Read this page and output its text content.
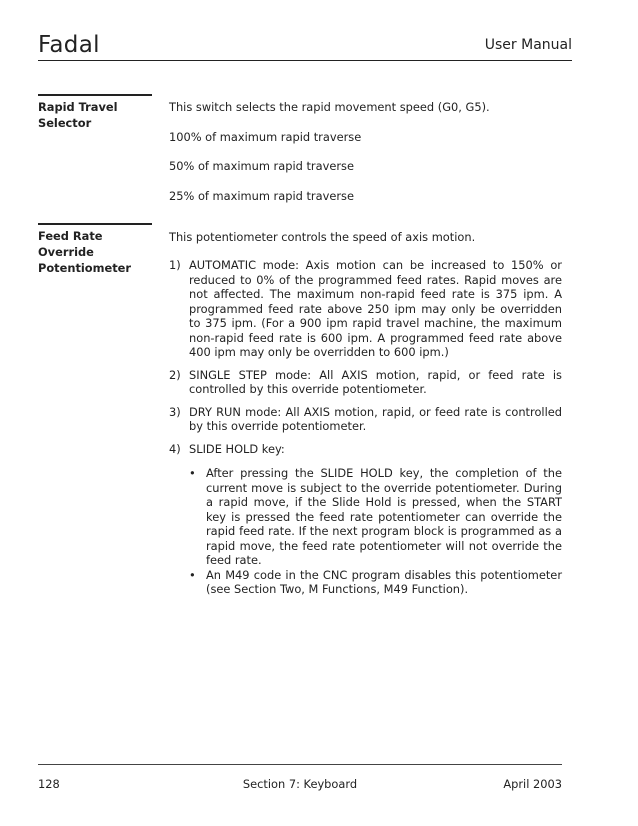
Fadal	User Manual
Rapid Travel Selector
This switch selects the rapid movement speed (G0, G5).
100% of maximum rapid traverse
50% of maximum rapid traverse
25% of maximum rapid traverse
Feed Rate Override Potentiometer
This potentiometer controls the speed of axis motion.
1) AUTOMATIC mode: Axis motion can be increased to 150% or reduced to 0% of the programmed feed rates. Rapid moves are not affected. The maximum non-rapid feed rate is 375 ipm. A programmed feed rate above 250 ipm may only be overridden to 375 ipm. (For a 900 ipm rapid travel machine, the maximum non-rapid feed rate is 600 ipm. A programmed feed rate above 400 ipm may only be overridden to 600 ipm.)
2) SINGLE STEP mode: All AXIS motion, rapid, or feed rate is controlled by this override potentiometer.
3) DRY RUN mode: All AXIS motion, rapid, or feed rate is controlled by this override potentiometer.
4) SLIDE HOLD key:
• After pressing the SLIDE HOLD key, the completion of the current move is subject to the override potentiometer. During a rapid move, if the Slide Hold is pressed, when the START key is pressed the feed rate potentiometer can override the rapid feed rate. If the next program block is programmed as a rapid move, the feed rate potentiometer will not override the feed rate.
• An M49 code in the CNC program disables this potentiometer (see Section Two, M Functions, M49 Function).
128	Section 7: Keyboard	April 2003
